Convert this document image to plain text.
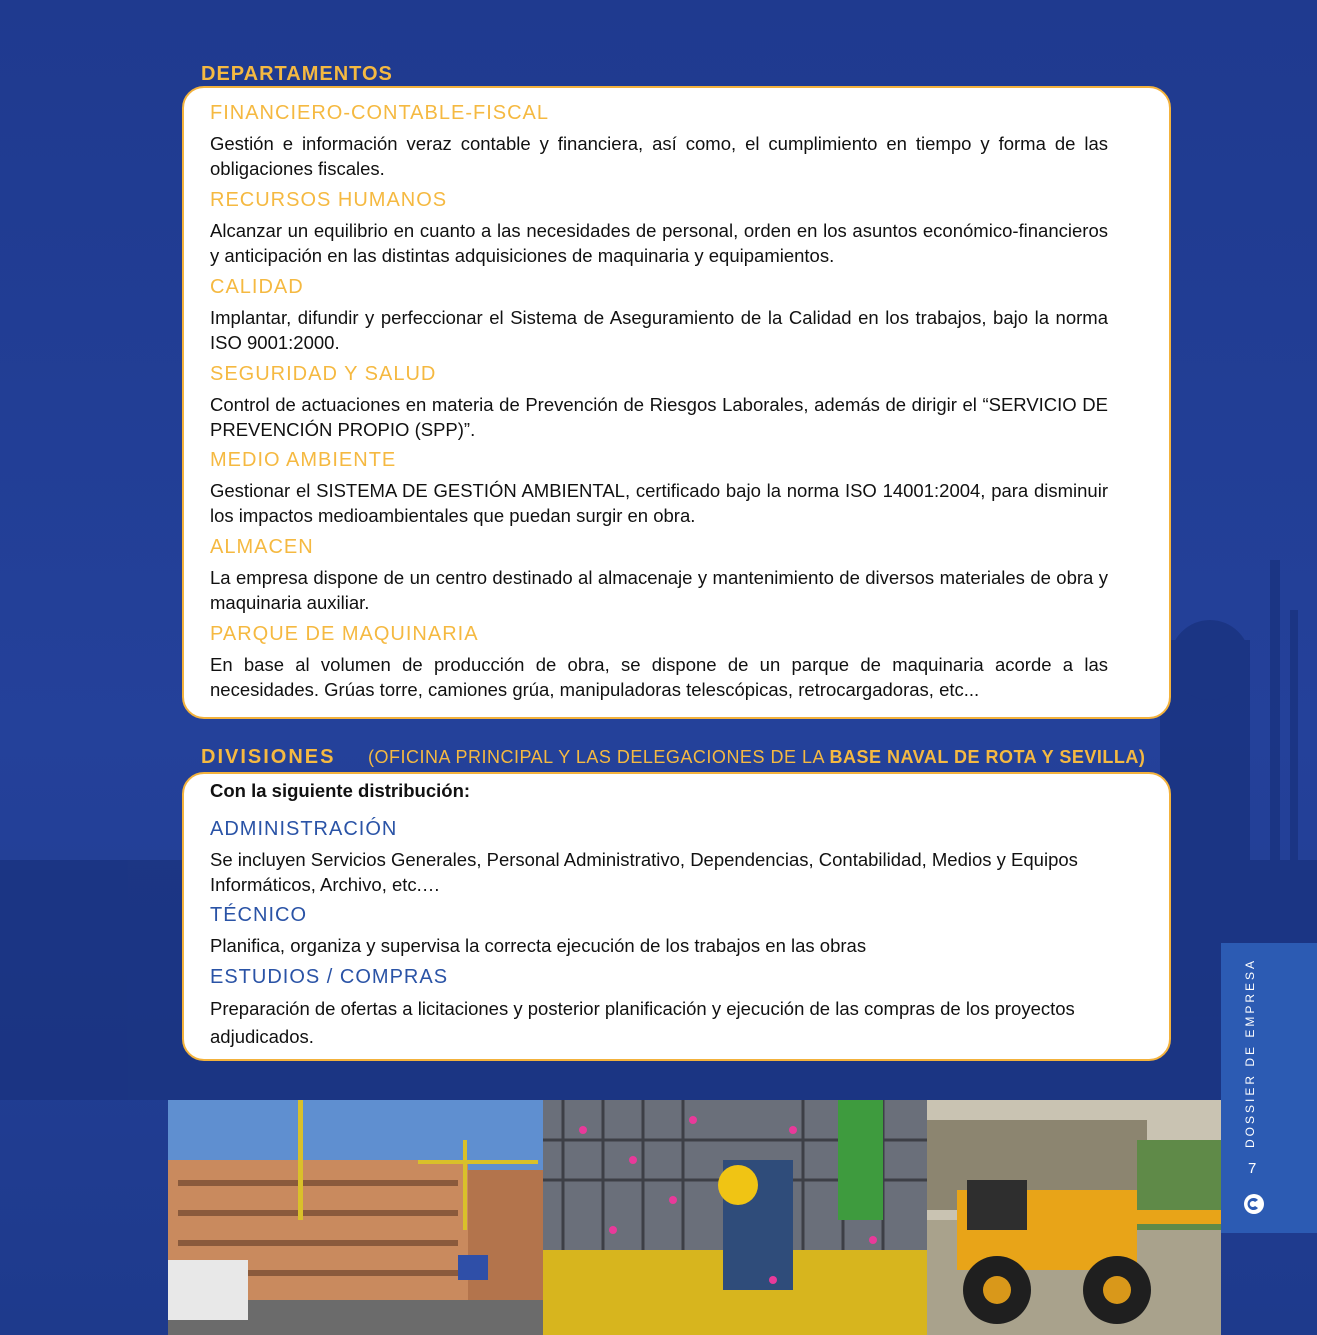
DEPARTAMENTOS

FINANCIERO-CONTABLE-FISCAL

Gestión e información veraz contable y financiera, así como, el cumplimiento en tiempo y forma de las obligaciones fiscales.

RECURSOS HUMANOS

Alcanzar un equilibrio en cuanto a las necesidades de personal, orden en los asuntos económico-financieros y anticipación en las distintas adquisiciones de maquinaria y equipamientos.

CALIDAD

Implantar, difundir y perfeccionar el Sistema de Aseguramiento de la Calidad en los trabajos, bajo la norma ISO 9001:2000.

SEGURIDAD Y SALUD

Control de actuaciones en materia de Prevención de Riesgos Laborales, además de dirigir el “SERVICIO DE PREVENCIÓN PROPIO (SPP)”.

MEDIO AMBIENTE

Gestionar el SISTEMA DE GESTIÓN AMBIENTAL, certificado bajo la norma ISO 14001:2004, para disminuir los impactos medioambientales que puedan surgir en obra.

ALMACEN

La empresa dispone de un centro destinado al almacenaje y mantenimiento de diversos materiales de obra y maquinaria auxiliar.

PARQUE DE MAQUINARIA

En base al volumen de producción de obra, se dispone de un parque de maquinaria acorde a las necesidades. Grúas torre, camiones grúa, manipuladoras telescópicas, retrocargadoras, etc...

DIVISIONES (OFICINA PRINCIPAL Y LAS DELEGACIONES DE LA BASE NAVAL DE ROTA Y SEVILLA)
Con la siguiente distribución:

ADMINISTRACIÓN

Se incluyen Servicios Generales, Personal Administrativo, Dependencias, Contabilidad, Medios y Equipos Informáticos, Archivo, etc.…

TÉCNICO

Planifica, organiza y supervisa la correcta ejecución de los trabajos en las obras

ESTUDIOS / COMPRAS

Preparación de ofertas a licitaciones y posterior planificación y ejecución de las compras de los proyectos adjudicados.	DOSSIER DE EMPRESA
7
